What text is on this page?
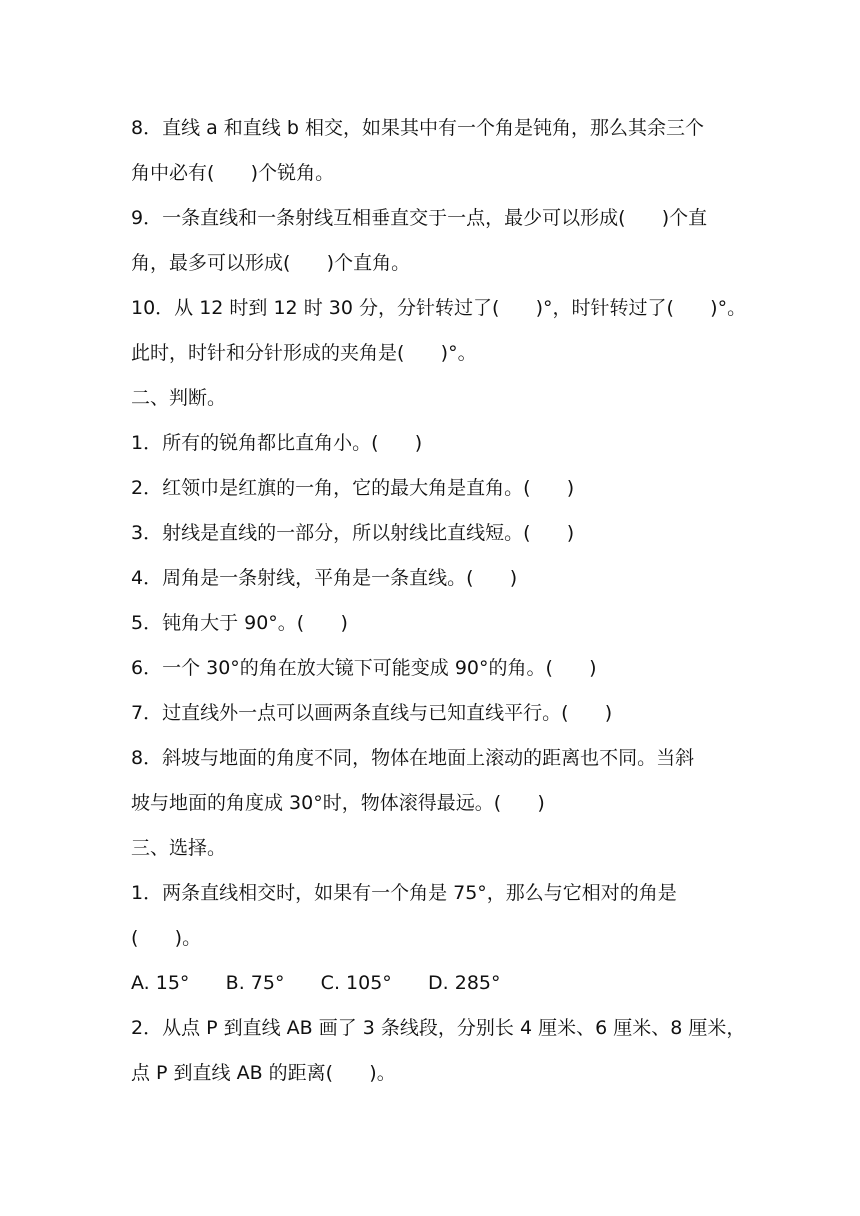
8．直线 a 和直线 b 相交，如果其中有一个角是钝角，那么其余三个
角中必有(      )个锐角。
9．一条直线和一条射线互相垂直交于一点，最少可以形成(      )个直
角，最多可以形成(      )个直角。
10．从 12 时到 12 时 30 分，分针转过了(      )°，时针转过了(      )°。
此时，时针和分针形成的夹角是(      )°。
二、判断。
1．所有的锐角都比直角小。(      )
2．红领巾是红旗的一角，它的最大角是直角。(      )
3．射线是直线的一部分，所以射线比直线短。(      )
4．周角是一条射线，平角是一条直线。(      )
5．钝角大于 90°。(      )
6．一个 30°的角在放大镜下可能变成 90°的角。(      )
7．过直线外一点可以画两条直线与已知直线平行。(      )
8．斜坡与地面的角度不同，物体在地面上滚动的距离也不同。当斜
坡与地面的角度成 30°时，物体滚得最远。(      )
三、选择。
1．两条直线相交时，如果有一个角是 75°，那么与它相对的角是
(      )。
A. 15°      B. 75°      C. 105°      D. 285°
2．从点 P 到直线 AB 画了 3 条线段，分别长 4 厘米、6 厘米、8 厘米，
点 P 到直线 AB 的距离(      )。
